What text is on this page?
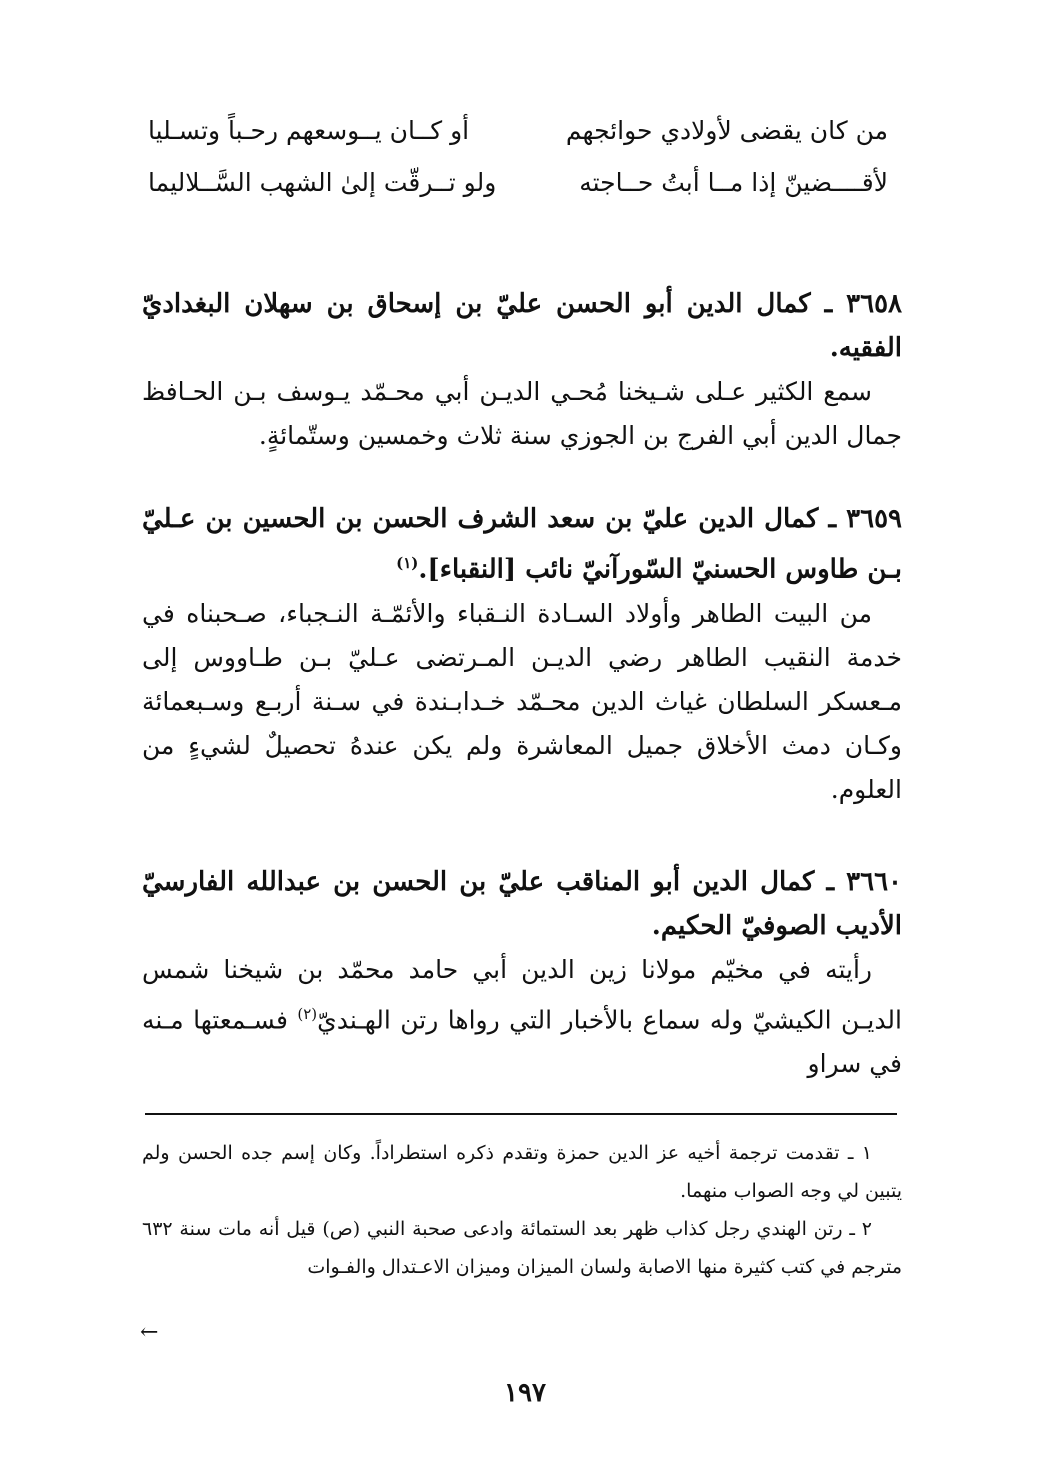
من كان يقضى لأولادي حوائجهم
أو كــان يــوسعهم رحـباً وتسـليا
لأقــــضينّ إذا مــا أبتُ حــاجته
ولو تــرقّت إلىٰ الشهب السَّــلاليما

٣٦٥٨ ـ كمال الدين أبو الحسن عليّ بن إسحاق بن سهلان البغداديّ الفقيه.

سمع الكثير عـلى شـيخنا مُحـي الديـن أبي محـمّد يـوسف بـن الحـافظ جمال الدين أبي الفرج بن الجوزي سنة ثلاث وخمسين وستّمائةٍ.

٣٦٥٩ ـ كمال الدين عليّ بن سعد الشرف الحسن بن الحسين بن عـليّ بـن طاوس الحسنيّ السّورآنيّ نائب [النقباء].$^{(١)}$

من البيت الطاهر وأولاد السـادة النـقباء والأئمّـة النـجباء، صـحبناه في خدمة النقيب الطاهر رضي الديـن المـرتضى عـليّ بـن طـاووس إلى مـعسكر السلطان غياث الدين محـمّد خـدابـندة في سـنة أربـع وسـبعمائة وكـان دمث الأخلاق جميل المعاشرة ولم يكن عندهُ تحصيلٌ لشيءٍ من العلوم.

٣٦٦٠ ـ كمال الدين أبو المناقب عليّ بن الحسن بن عبدالله الفارسيّ الأديب الصوفيّ الحكيم.

رأيته في مخيّم مولانا زين الدين أبي حامد محمّد بن شيخنا شمس الديـن الكيشيّ وله سماع بالأخبار التي رواها رتن الهـنديّ$^{(٢)}$ فسـمعتها مـنه في سراو

١ ـ تقدمت ترجمة أخيه عز الدين حمزة وتقدم ذكره استطراداً. وكان إسم جده الحسن ولم يتبين لي وجه الصواب منهما.

٢ ـ رتن الهندي رجل كذاب ظهر بعد الستمائة وادعى صحبة النبي (ص) قيل أنه مات سنة ٦٣٢ مترجم في كتب كثيرة منها الاصابة ولسان الميزان وميزان الاعـتدال والفـوات

←
١٩٧
